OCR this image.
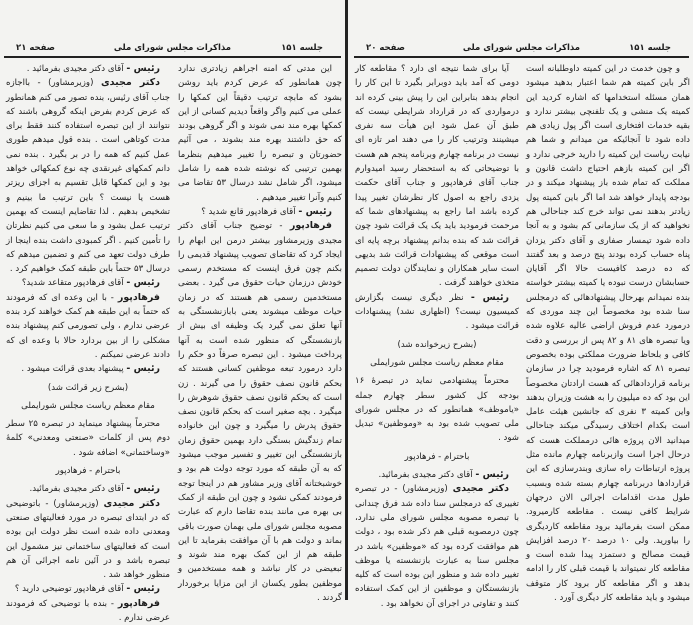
جلسه ۱۵۱
مذاکرات مجلس شورای ملی
صفحه ۲۱

این مدتی که امنه اجراهم زیادتری ندارد چون همانطور که عرض کردم باید روشن بشود که مابچه ترتیب دقیقاً این کمکها را عملی می کنیم واگر واقعاً دیدیم کسانی از این کمکها بهره مند نمی شوند و اگر گروهی بودند که حق داشتند بهره مند بشوند ، می آئیم حضورتان و تبصره را تغییر میدهیم بنظرما بهمین ترتیبی که نوشته شده همه را شامل میشود، اگر شامل نشد درسال ۵۳ تقاضا می کنیم وآنرا تغییر میدهیم .

رئیس - آقای فرهادپور قانع شدید ؟

فرهادپور - توضیح جناب آقای دکتر مجیدی وزیرمشاور بیشتر درمن این ابهام را ایجاد کرد که تقاضای تصویب پیشنهاد قدیمی را بکنم چون فرق اینست که مستخدم رسمی خودش درزمان حیات حقوق می گیرد . بعضی مستخدمین رسمی هم هستند که در زمان حیات موظف میشوند یعنی بابازنشستگی به آنها تعلق نمی گیرد یک وظیفه ای بیش از بازنشستگی که منظور شده است به آنها پرداخت میشود . این تبصره صرفاً دو حکم را دارد درمورد تبعه موظفین کسانی هستند که بحکم قانون نصف حقوق را می گیرند . زن است که بحکم قانون نصف حقوق شوهرش را میگیرد . بچه صغیر است که بحکم قانون نصف حقوق پدرش را میگیرد و چون این خانواده تمام زندگیش بستگی دارد بهمین حقوق زمان بازنشستگی این تغییر و تفسیر موجب میشود که به آن طبقه که مورد توجه دولت هم بود و خوشبختانه آقای وزیر مشاور هم در اینجا توجه فرمودند کمکی نشود و چون این طبقه از کمک بی بهره می مانند بنده تقاضا دارم که عبارت مصوبه مجلس شورای ملی بهمان صورت باقی بماند و دولت هم با آن موافقت بفرماید تا این طبقه هم از این کمک بهره مند شوند و تبعیضی در کار نباشد و همه مستخدمین و موظفین بطور یکسان از این مزایا برخوردار گردند .

رئیس - آقای دکتر مجیدی بفرمائید .

دکتر مجیدی (وزیرمشاور) - بااجازه جناب آقای رئیس، بنده تصور می کنم همانطور که عرض کردم بفرض اینکه گروهی باشند که نتوانند از این تبصره استفاده کنند فقط برای مدت کوتاهی است . بنده قول میدهم طوری عمل کنیم که همه را در بر بگیرد . بنده نمی دانم کمکهای غیرنقدی چه نوع کمکهائی خواهد بود و این کمکها قابل تقسیم به اجزای ریزتر هست یا نیست ؟ باین ترتیب ما بینیم و تشخیص بدهیم . لذا تقاضایم اینست که بهمین ترتیب عمل بشود و ما سعی می کنیم نظرتان را تأمین کنیم . اگر کمبودی داشت بنده اینجا از طرف دولت تعهد می کنم و تضمین میدهم که درسال ۵۳ حتماً باین طبقه کمک خواهیم کرد .

رئیس - آقای فرهادپور متقاعد شدید؟

فرهادپور - با این وعده ای که فرمودند که حتماً به این طبقه هم کمک خواهند کرد بنده عرضی ندارم ، ولی تصورمی کنم پیشنهاد بنده مشکلی را از بین بردارد حالا با وعده ای که دادند عرضی نمیکنم .

رئیس - پیشنهاد بعدی قرائت میشود .

(بشرح زیر قرائت شد)

مقام معظم ریاست مجلس شورایملی

محترماً پیشنهاد مینماید در تبصره ۲۵ سطر دوم پس از کلمات «صنعتی ومعدنی» کلمهٔ «وساختمانی» اضافه شود .

باحترام - فرهادپور

رئیس - آقای دکتر مجیدی بفرمائید.

دکتر مجیدی (وزیرمشاور) - باتوضیحی که در ابتدای تبصره در مورد فعالیتهای صنعتی ومعدنی داده شده است نظر دولت این بوده است که فعالیتهای ساختمانی نیز مشمول این تبصره باشد و در آئین نامه اجرائی آن هم منظور خواهد شد .

رئیس - آقای فرهادپور توضیحی دارید ؟

فرهادپور - بنده با توضیحی که فرمودند عرضی ندارم .

جلسه ۱۵۱
مذاکرات مجلس شورای ملی
صفحه ۲۰

و چون خدمت در این کمیته داوطلبانه است اگر باین کمیته هم شما اعتبار بدهید میشود همان مسئله استخدامها که اشاره کردید این کمیته یک منشی و یک تلفنچی بیشتر ندارد و بقیه خدمات افتخاری است اگر پول زیادی هم داده شود تا آنجائیکه من میدانم و شما هم نیابت ریاست این کمیته را دارید خرجی ندارد و اگر این کمیته بازهم احتیاج داشت قانون و مملکت که تمام شده باز پیشنهاد میکند و در بودجه پایدار خواهد شد اما اگر باین کمیته پول زیادتر بدهند نمی تواند خرج کند جناحالی هم نخواهید که از یک سازمانی کم بشود و به آنجا داده شود تیمسار صفاری و آقای دکتر یزدان پناه حساب کرده بودند پنج درصد و بعد گفتند که ده درصد کافیست حالا اگر آقایان حسابشان درست نبوده یا کمیته بیشتر خواسته بنده نمیدانم بهرحال پیشنهادهائی که درمجلس سنا شده بود مخصوصاً این چند موردی که درمورد عدم فروش اراضی عالیه علاوه شده ویا تبصره های ۸۱ و ۸۲ پس از بررسی و دقت کافی و بلحاظ ضرورت مملکتی بوده بخصوص تبصره ۸۱ که اشاره فرمودید چرا در سازمان برنامه قراردادهائی که هست ارادتان مخصوصاً این بود که ده میلیون را به هشت وزیران بدهند واین کمیته ۳ نفری که جانشین هیئت عامل است بکدام اختلاف رسیدگی میکند جناحالی میدانید الان پروژه هائی درمملکت هست که درحال اجرا است وازبرنامه چهارم مانده مثل پروژه ارتباطات راه سازی وبندرسازی که این قراردادها دربرنامه چهارم بسته شده وبسبب طول مدت اقدامات اجرائی الان درجهان شرایط کافی نیست . مقاطعه کارمیرود. ممکن است بفرمائید برود مقاطعه کاردیگری را بیاورید. ولی ۱۰ درصد ۲۰ درصد افزایش قیمت مصالح و دستمزد پیدا شده است و مقاطعه کار نمیتواند با قیمت قبلی کار را ادامه بدهد و اگر مقاطعه کار برود کار متوقف میشود و باید مقاطعه کار دیگری آورد .

آیا برای شما نتیجه ای دارد ؟ مقاطعه کار دومی که آمد باید دوبرابر بگیرد تا این کار را انجام بدهد بنابراین این را پیش بینی کرده اند درمواردی که در قرارداد شرایطی نیست که طبق آن عمل شود این هیأت سه نفری میشینند وترتیب کار را می دهند امر تازه ای نیست در برنامه چهارم وبرنامه پنجم هم هست با توضیحاتی که به استحضار رسید امیدوارم جناب آقای فرهادپور و جناب آقای حکمت یزدی راجع به اصول کار نظرشان تغییر پیدا کرده باشد اما راجع به پیشنهادهای شما که مرحمت فرمودید باید یک یک قرائت شود چون قرائت شد که بنده بدانم پیشنهاد برچه پایه ای است موقعی که پیشنهادات قرائت شد بدیهی است سایر همکاران و نمایندگان دولت تصمیم متخذی خواهند گرفت .

رئیس - نظر دیگری نیست بگزارش کمیسیون نیست؟ (اظهاری نشد) پیشنهادات قرائت میشود .

(بشرح زیرخوانده شد)

مقام معظم ریاست مجلس شورایملی

محترماً پیشنهادمی نماید در تبصرهٔ ۱۶ بودجه کل کشور سطر چهارم جمله «یاموظف» همانطور که در مجلس شورای ملی تصویب شده بود به «وموظفین» تبدیل شود .

باحترام - فرهادپور

رئیس - آقای دکتر مجیدی بفرمائید.

دکتر مجیدی (وزیرمشاور) - در تبصره تغییری که درمجلس سنا داده شد فرق چندانی با تبصره مصوبه مجلس شورای ملی ندارد، چون درمصوبه قبلی هم ذکر شده بود ، دولت هم موافقت کرده بود که «موظفین» باشد در مجلس سنا به عبارت بازنشسته یا موظف تغییر داده شد و منظور این بوده است که کلیه بازنشستگان و موظفین از این کمک استفاده کنند و تفاوتی در اجرای آن نخواهد بود .
